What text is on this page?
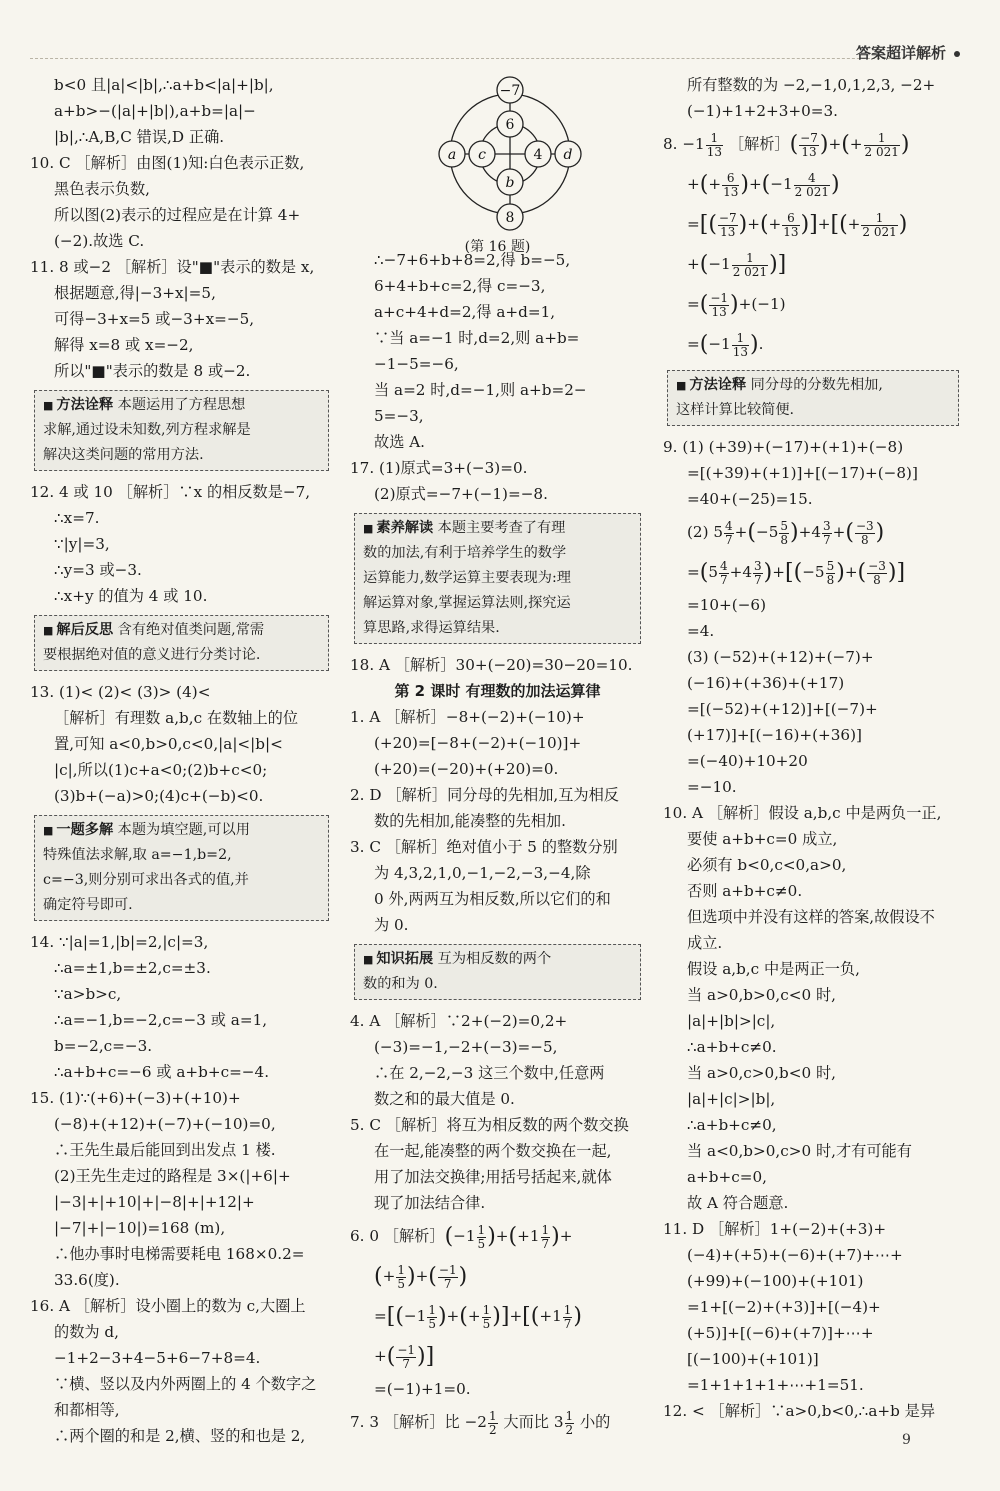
答案超详解析
b<0 且|a|<|b|,∴a+b<|a|+|b|,
a+b>−(|a|+|b|),a+b=|a|−
|b|,∴A,B,C 错误,D 正确.
10. C ［解析］由图(1)知:白色表示正数,
黑色表示负数,
所以图(2)表示的过程应是在计算 4+
(−2).故选 C.
11. 8 或−2 ［解析］设"■"表示的数是 x,
根据题意,得|−3+x|=5,
可得−3+x=5 或−3+x=−5,
解得 x=8 或 x=−2,
所以"■"表示的数是 8 或−2.
■ 方法诠释 本题运用了方程思想
求解,通过设未知数,列方程求解是
解决这类问题的常用方法.
12. 4 或 10 ［解析］∵x 的相反数是−7,
∴x=7.
∵|y|=3,
∴y=3 或−3.
∴x+y 的值为 4 或 10.
■ 解后反思 含有绝对值类问题,常需
要根据绝对值的意义进行分类讨论.
13. (1)< (2)< (3)> (4)<
［解析］有理数 a,b,c 在数轴上的位
置,可知 a<0,b>0,c<0,|a|<|b|<
|c|,所以(1)c+a<0;(2)b+c<0;
(3)b+(−a)>0;(4)c+(−b)<0.
■ 一题多解 本题为填空题,可以用
特殊值法求解,取 a=−1,b=2,
c=−3,则分别可求出各式的值,并
确定符号即可.
14. ∵|a|=1,|b|=2,|c|=3,
∴a=±1,b=±2,c=±3.
∵a>b>c,
∴a=−1,b=−2,c=−3 或 a=1,
b=−2,c=−3.
∴a+b+c=−6 或 a+b+c=−4.
15. (1)∵(+6)+(−3)+(+10)+
(−8)+(+12)+(−7)+(−10)=0,
∴王先生最后能回到出发点 1 楼.
(2)王先生走过的路程是 3×(|+6|+
|−3|+|+10|+|−8|+|+12|+
|−7|+|−10|)=168 (m),
∴他办事时电梯需要耗电 168×0.2=
33.6(度).
16. A ［解析］设小圈上的数为 c,大圈上
的数为 d,
−1+2−3+4−5+6−7+8=4.
∵横、竖以及内外两圈上的 4 个数字之
和都相等,
∴两个圈的和是 2,横、竖的和也是 2,
−7
6
a c	4 d
b
8
(第 16 题)
∴−7+6+b+8=2,得 b=−5,
6+4+b+c=2,得 c=−3,
a+c+4+d=2,得 a+d=1,
∵当 a=−1 时,d=2,则 a+b=
−1−5=−6,
当 a=2 时,d=−1,则 a+b=2−
5=−3,
故选 A.
17. (1)原式=3+(−3)=0.
(2)原式=−7+(−1)=−8.
■ 素养解读 本题主要考查了有理
数的加法,有利于培养学生的数学
运算能力,数学运算主要表现为:理
解运算对象,掌握运算法则,探究运
算思路,求得运算结果.
18. A ［解析］30+(−20)=30−20=10.
第 2 课时 有理数的加法运算律
1. A ［解析］−8+(−2)+(−10)+
(+20)=[−8+(−2)+(−10)]+
(+20)=(−20)+(+20)=0.
2. D ［解析］同分母的先相加,互为相反
数的先相加,能凑整的先相加.
3. C ［解析］绝对值小于 5 的整数分别
为 4,3,2,1,0,−1,−2,−3,−4,除
0 外,两两互为相反数,所以它们的和
为 0.
■ 知识拓展 互为相反数的两个
数的和为 0.
4. A ［解析］∵2+(−2)=0,2+
(−3)=−1,−2+(−3)=−5,
∴在 2,−2,−3 这三个数中,任意两
数之和的最大值是 0.
5. C ［解析］将互为相反数的两个数交换
在一起,能凑整的两个数交换在一起,
用了加法交换律;用括号括起来,就体
现了加法结合律.
6. 0 ［解析］(−1 $\frac{1}{5} )+(+1 \frac{1}{7}$ )+
(+ $\frac{1}{5}$ )+( $\frac{-1}{7}$ )
$=[(-1 \frac{1}{5}$ )+(+ $\frac{1}{5} )]+[(+1 \frac{1}{7}$ )
+( $\frac{-1}{7}$ )]
=(−1)+1=0.
7. 3 ［解析］比 $-2 \frac{1}{2}$ 大而比 $3 \frac{1}{2}$ 小的
所有整数的为 −2,−1,0,1,2,3, −2+
(−1)+1+2+3+0=3.
8. $-1 \frac{1}{13}$ ［解析］( $\frac{-7}{13}$ )+(+ $\frac{1}{2 021}$ )
+(+ $\frac{6}{13} )+(-1 \frac{4}{2 021}$ )
=[( $\frac{-7}{13}$ )+(+ $\frac{6}{13}$ )]+[(+ $\frac{1}{2 021}$ )
$+(-1 \frac{1}{2 021}$ )]
=( $\frac{-1}{13} )+(-1)$
$=(-1 \frac{1}{13}$ ).
■ 方法诠释 同分母的分数先相加,
这样计算比较简便.
9. (1) (+39)+(−17)+(+1)+(−8)
=[(+39)+(+1)]+[(−17)+(−8)]
=40+(−25)=15.
(2) $5 \frac{4}{7} +(-5 \frac{5}{8} )+4 \frac{3}{7}$ +( $\frac{-3}{8}$ )
$=(5 \frac{4}{7} +4 \frac{3}{7} )+[(-5 \frac{5}{8}$ )+( $\frac{-3}{8}$ )]
=10+(−6)
=4.
(3) (−52)+(+12)+(−7)+
(−16)+(+36)+(+17)
=[(−52)+(+12)]+[(−7)+
(+17)]+[(−16)+(+36)]
=(−40)+10+20
=−10.
10. A ［解析］假设 a,b,c 中是两负一正,
要使 a+b+c=0 成立,
必须有 b<0,c<0,a>0,
否则 a+b+c≠0.
但选项中并没有这样的答案,故假设不
成立.
假设 a,b,c 中是两正一负,
当 a>0,b>0,c<0 时,
|a|+|b|>|c|,
∴a+b+c≠0.
当 a>0,c>0,b<0 时,
|a|+|c|>|b|,
∴a+b+c≠0,
当 a<0,b>0,c>0 时,才有可能有
a+b+c=0,
故 A 符合题意.
11. D ［解析］1+(−2)+(+3)+
(−4)+(+5)+(−6)+(+7)+⋯+
(+99)+(−100)+(+101)
=1+[(−2)+(+3)]+[(−4)+
(+5)]+[(−6)+(+7)]+⋯+
[(−100)+(+101)]
=1+1+1+1+⋯+1=51.
12. < ［解析］∵a>0,b<0,∴a+b 是异
9
